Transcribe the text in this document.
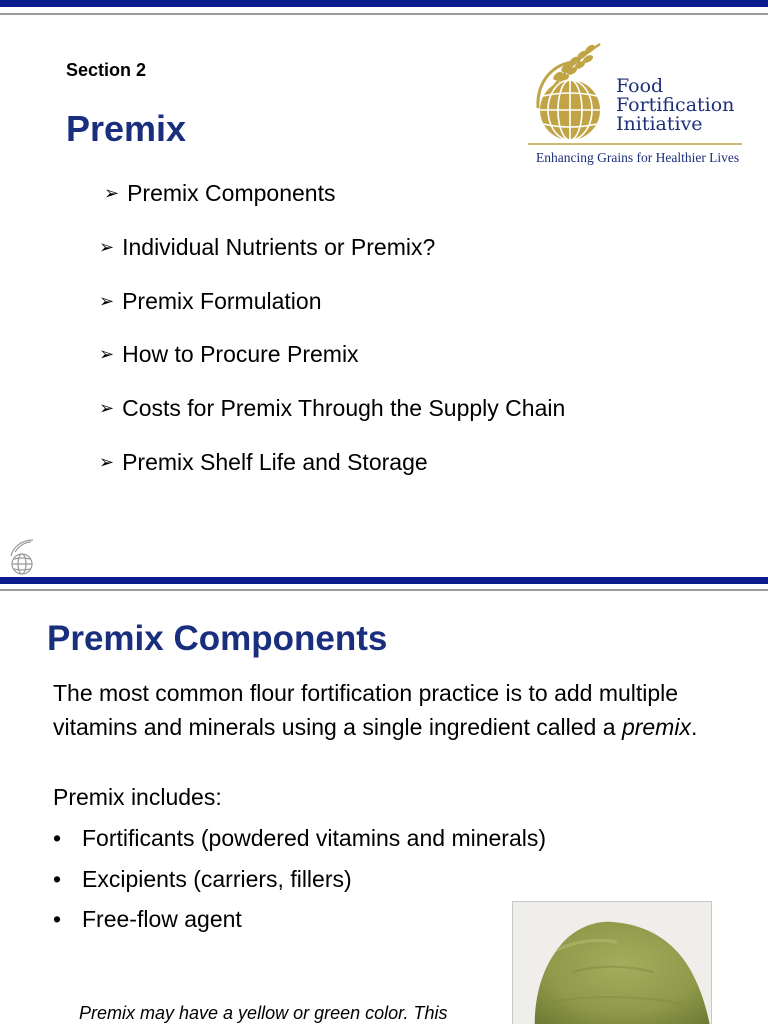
Section 2
Premix
➢ Premix Components
➢ Individual Nutrients or Premix?
➢ Premix Formulation
➢ How to Procure Premix
➢ Costs for Premix Through the Supply Chain
➢ Premix Shelf Life and Storage
Food
Fortification
Initiative
Enhancing Grains for Healthier Lives
Premix Components

The most common flour fortification practice is to add multiple vitamins and minerals using a single ingredient called a premix.

Premix includes:
• Fortificants (powdered vitamins and minerals)
• Excipients (carriers, fillers)
• Free-flow agent
Premix may have a yellow or green color. This
